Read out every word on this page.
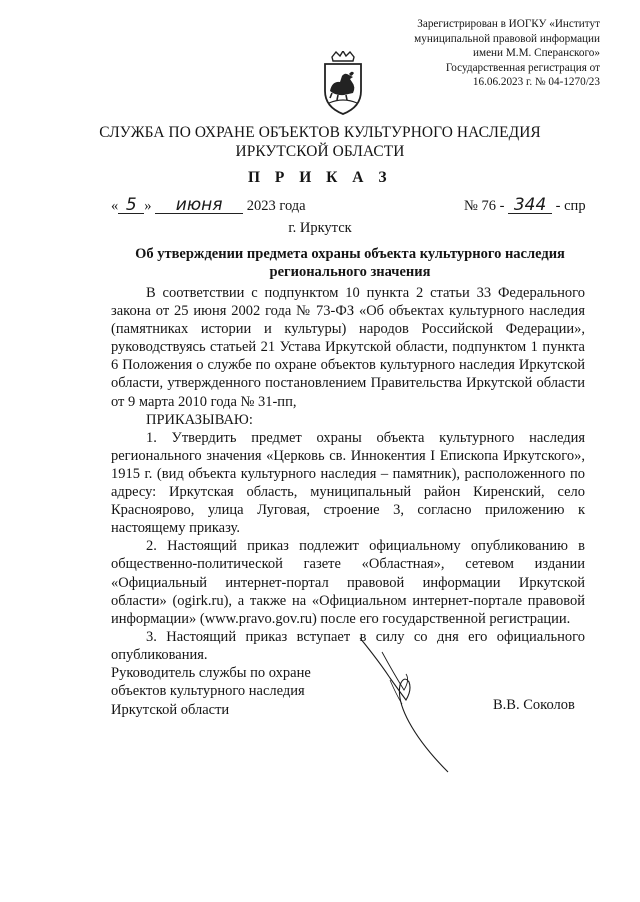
Зарегистрирован в ИОГКУ «Институт
муниципальной правовой информации
имени М.М. Сперанского»
Государственная регистрация от
16.06.2023 г. № 04-1270/23
СЛУЖБА ПО ОХРАНЕ ОБЪЕКТОВ КУЛЬТУРНОГО НАСЛЕДИЯ
ИРКУТСКОЙ ОБЛАСТИ
П Р И К А З
« 5 » июня 2023 года	№ 76 - 344 - спр
г. Иркутск
Об утверждении предмета охраны объекта культурного наследия
регионального значения

В соответствии с подпунктом 10 пункта 2 статьи 33 Федерального закона от 25 июня 2002 года № 73-ФЗ «Об объектах культурного наследия (памятниках истории и культуры) народов Российской Федерации», руководствуясь статьей 21 Устава Иркутской области, подпунктом 1 пункта 6 Положения о службе по охране объектов культурного наследия Иркутской области, утвержденного постановлением Правительства Иркутской области от 9 марта 2010 года № 31-пп,

ПРИКАЗЫВАЮ:

1. Утвердить предмет охраны объекта культурного наследия регионального значения «Церковь св. Иннокентия I Епископа Иркутского», 1915 г. (вид объекта культурного наследия – памятник), расположенного по адресу: Иркутская область, муниципальный район Киренский, село Красноярово, улица Луговая, строение 3, согласно приложению к настоящему приказу.

2. Настоящий приказ подлежит официальному опубликованию в общественно-политической газете «Областная», сетевом издании «Официальный интернет-портал правовой информации Иркутской области» (ogirk.ru), а также на «Официальном интернет-портале правовой информации» (www.pravo.gov.ru) после его государственной регистрации.

3. Настоящий приказ вступает в силу со дня его официального опубликования.

Руководитель службы по охране
объектов культурного наследия
Иркутской области	В.В. Соколов
